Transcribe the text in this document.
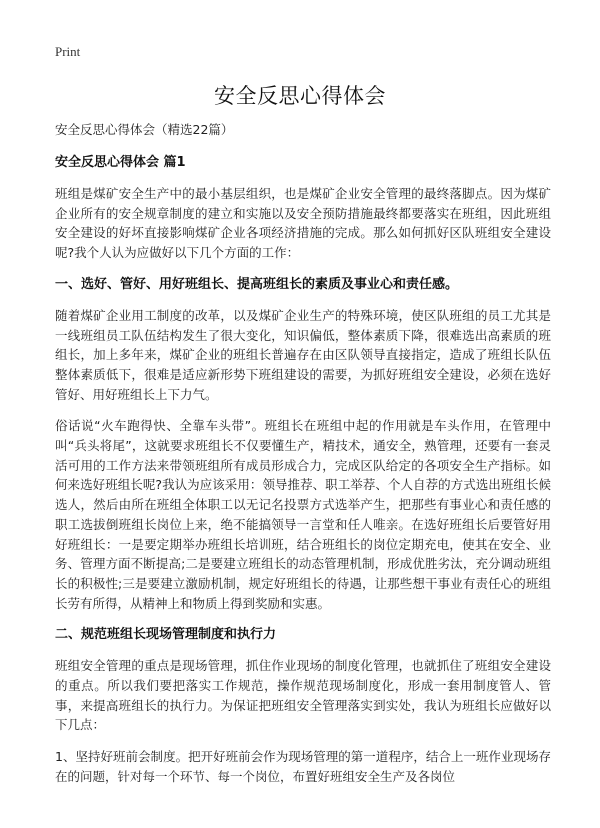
Print
安全反思心得体会

安全反思心得体会（精选22篇）

安全反思心得体会 篇1

班组是煤矿安全生产中的最小基层组织，也是煤矿企业安全管理的最终落脚点。因为煤矿企业所有的安全规章制度的建立和实施以及安全预防措施最终都要落实在班组，因此班组安全建设的好坏直接影响煤矿企业各项经济措施的完成。那么如何抓好区队班组安全建设呢?我个人认为应做好以下几个方面的工作：

一、选好、管好、用好班组长、提高班组长的素质及事业心和责任感。

随着煤矿企业用工制度的改革，以及煤矿企业生产的特殊环境，使区队班组的员工尤其是一线班组员工队伍结构发生了很大变化，知识偏低，整体素质下降，很难选出高素质的班组长，加上多年来，煤矿企业的班组长普遍存在由区队领导直接指定，造成了班组长队伍整体素质低下，很难是适应新形势下班组建设的需要，为抓好班组安全建设，必须在选好管好、用好班组长上下力气。

俗话说“火车跑得快、全靠车头带”。班组长在班组中起的作用就是车头作用，在管理中叫“兵头将尾”，这就要求班组长不仅要懂生产，精技术，通安全，熟管理，还要有一套灵活可用的工作方法来带领班组所有成员形成合力，完成区队给定的各项安全生产指标。如何来选好班组长呢?我认为应该采用：领导推荐、职工举荐、个人自荐的方式选出班组长候选人，然后由所在班组全体职工以无记名投票方式选举产生，把那些有事业心和责任感的职工选拔倒班组长岗位上来，绝不能搞领导一言堂和任人唯亲。在选好班组长后要管好用好班组长：一是要定期举办班组长培训班，结合班组长的岗位定期充电，使其在安全、业务、管理方面不断提高;二是要建立班组长的动态管理机制，形成优胜劣汰，充分调动班组长的积极性;三是要建立激励机制，规定好班组长的待遇，让那些想干事业有责任心的班组长劳有所得，从精神上和物质上得到奖励和实惠。

二、规范班组长现场管理制度和执行力

班组安全管理的重点是现场管理，抓住作业现场的制度化管理，也就抓住了班组安全建设的重点。所以我们要把落实工作规范，操作规范现场制度化，形成一套用制度管人、管事，来提高班组长的执行力。为保证把班组安全管理落实到实处，我认为班组长应做好以下几点：

1、坚持好班前会制度。把开好班前会作为现场管理的第一道程序，结合上一班作业现场存在的问题，针对每一个环节、每一个岗位，布置好班组安全生产及各岗位
